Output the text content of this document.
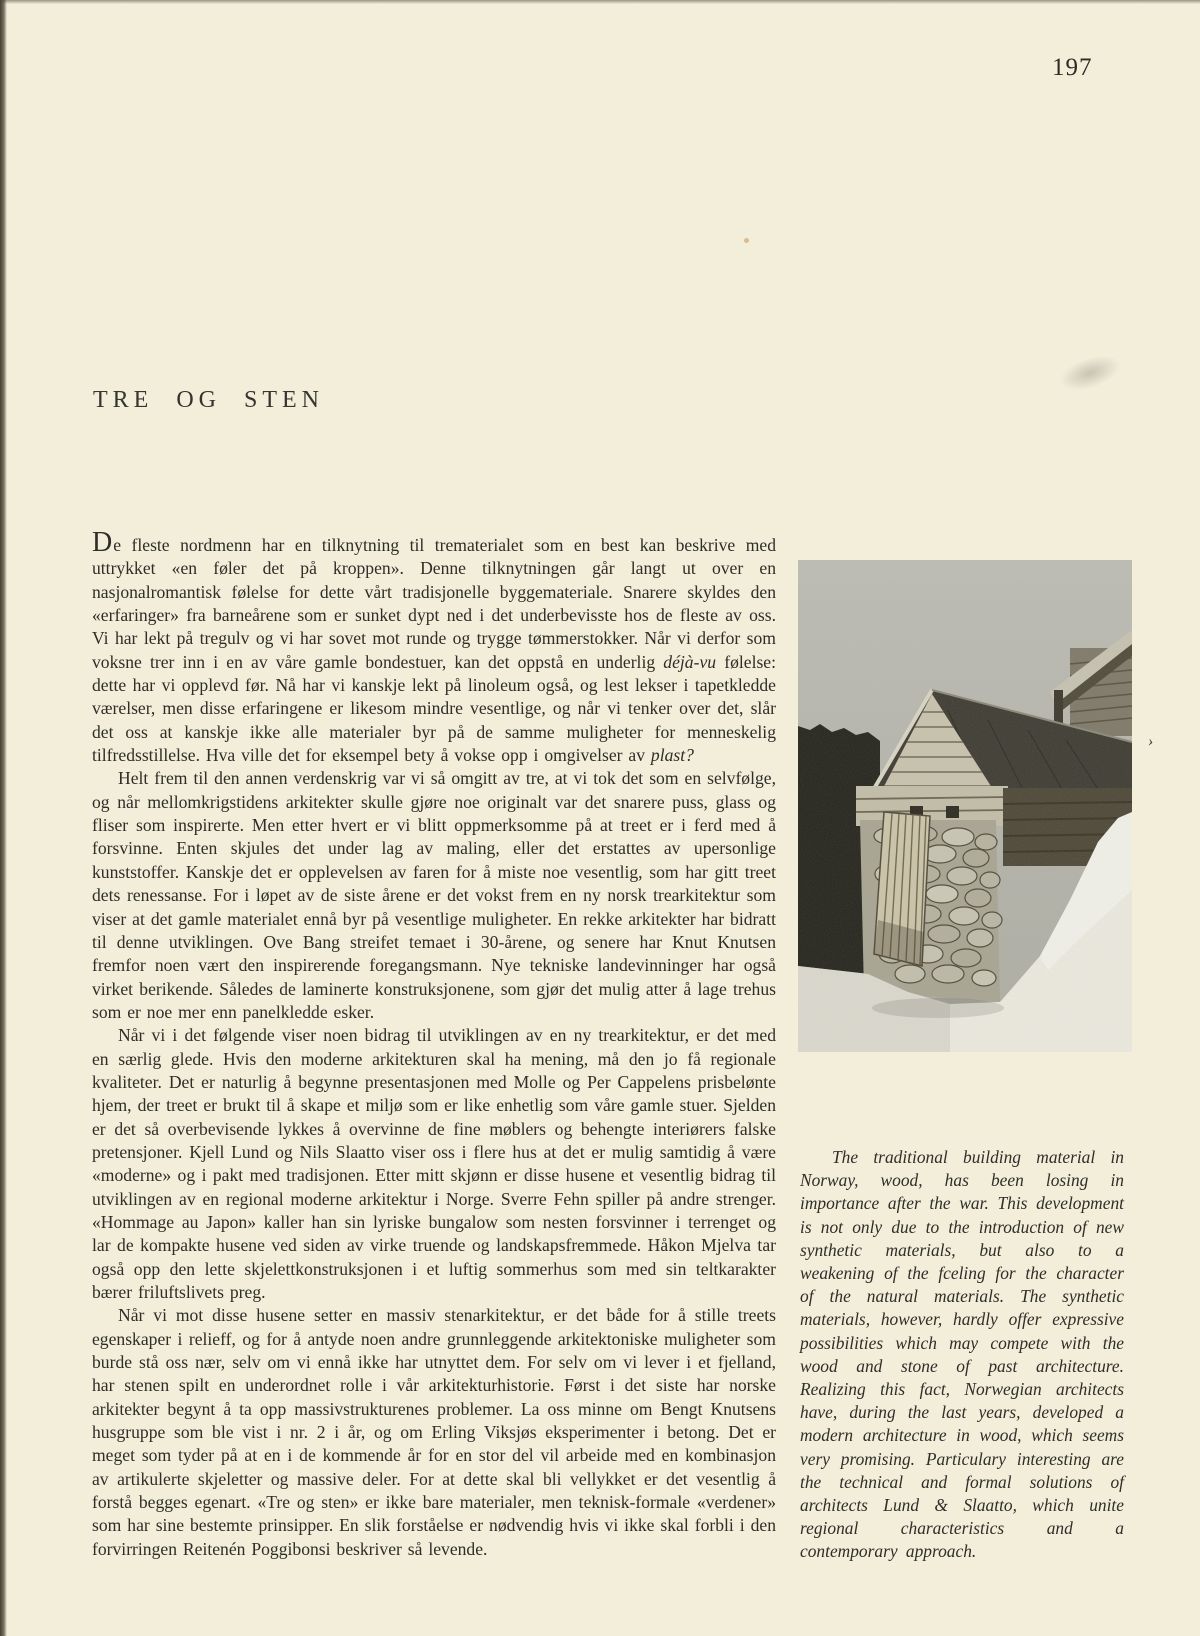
197
TRE OG STEN

De fleste nordmenn har en tilknytning til trematerialet som en best kan beskrive med uttrykket «en føler det på kroppen». Denne tilknytningen går langt ut over en nasjonalromantisk følelse for dette vårt tradisjonelle byggemateriale. Snarere skyldes den «erfaringer» fra barneårene som er sunket dypt ned i det underbevisste hos de fleste av oss. Vi har lekt på tregulv og vi har sovet mot runde og trygge tømmerstokker. Når vi derfor som voksne trer inn i en av våre gamle bondestuer, kan det oppstå en underlig déjà-vu følelse: dette har vi opplevd før. Nå har vi kanskje lekt på linoleum også, og lest lekser i tapetkledde værelser, men disse erfaringene er likesom mindre vesentlige, og når vi tenker over det, slår det oss at kanskje ikke alle materialer byr på de samme muligheter for menneskelig tilfredsstillelse. Hva ville det for eksempel bety å vokse opp i omgivelser av plast?

Helt frem til den annen verdenskrig var vi så omgitt av tre, at vi tok det som en selvfølge, og når mellomkrigstidens arkitekter skulle gjøre noe originalt var det snarere puss, glass og fliser som inspirerte. Men etter hvert er vi blitt oppmerksomme på at treet er i ferd med å forsvinne. Enten skjules det under lag av maling, eller det erstattes av upersonlige kunststoffer. Kanskje det er opplevelsen av faren for å miste noe vesentlig, som har gitt treet dets renessanse. For i løpet av de siste årene er det vokst frem en ny norsk trearkitektur som viser at det gamle materialet ennå byr på vesentlige muligheter. En rekke arkitekter har bidratt til denne utviklingen. Ove Bang streifet temaet i 30-årene, og senere har Knut Knutsen fremfor noen vært den inspirerende foregangsmann. Nye tekniske landevinninger har også virket berikende. Således de laminerte konstruksjonene, som gjør det mulig atter å lage trehus som er noe mer enn panelkledde esker.

Når vi i det følgende viser noen bidrag til utviklingen av en ny trearkitektur, er det med en særlig glede. Hvis den moderne arkitekturen skal ha mening, må den jo få regionale kvaliteter. Det er naturlig å begynne presentasjonen med Molle og Per Cappelens prisbelønte hjem, der treet er brukt til å skape et miljø som er like enhetlig som våre gamle stuer. Sjelden er det så overbevisende lykkes å overvinne de fine møblers og behengte interiørers falske pretensjoner. Kjell Lund og Nils Slaatto viser oss i flere hus at det er mulig samtidig å være «moderne» og i pakt med tradisjonen. Etter mitt skjønn er disse husene et vesentlig bidrag til utviklingen av en regional moderne arkitektur i Norge. Sverre Fehn spiller på andre strenger. «Hommage au Japon» kaller han sin lyriske bungalow som nesten forsvinner i terrenget og lar de kompakte husene ved siden av virke truende og landskapsfremmede. Håkon Mjelva tar også opp den lette skjelettkonstruksjonen i et luftig sommerhus som med sin teltkarakter bærer friluftslivets preg.

Når vi mot disse husene setter en massiv stenarkitektur, er det både for å stille treets egenskaper i relieff, og for å antyde noen andre grunnleggende arkitektoniske muligheter som burde stå oss nær, selv om vi ennå ikke har utnyttet dem. For selv om vi lever i et fjelland, har stenen spilt en underordnet rolle i vår arkitekturhistorie. Først i det siste har norske arkitekter begynt å ta opp massivstrukturenes problemer. La oss minne om Bengt Knutsens husgruppe som ble vist i nr. 2 i år, og om Erling Viksjøs eksperimenter i betong. Det er meget som tyder på at en i de kommende år for en stor del vil arbeide med en kombinasjon av artikulerte skjeletter og massive deler. For at dette skal bli vellykket er det vesentlig å forstå begges egenart. «Tre og sten» er ikke bare materialer, men teknisk-formale «verdener» som har sine bestemte prinsipper. En slik forståelse er nødvendig hvis vi ikke skal forbli i den forvirringen Reitenén Poggibonsi beskriver så levende.

The traditional building material in Norway, wood, has been losing in importance after the war. This development is not only due to the introduction of new synthetic materials, but also to a weakening of the fceling for the character of the natural materials. The synthetic materials, however, hardly offer expressive possibilities which may compete with the wood and stone of past architecture. Realizing this fact, Norwegian architects have, during the last years, developed a modern architecture in wood, which seems very promising. Particulary interesting are the technical and formal solutions of architects Lund & Slaatto, which unite regional characteristics and a contemporary approach.
›
